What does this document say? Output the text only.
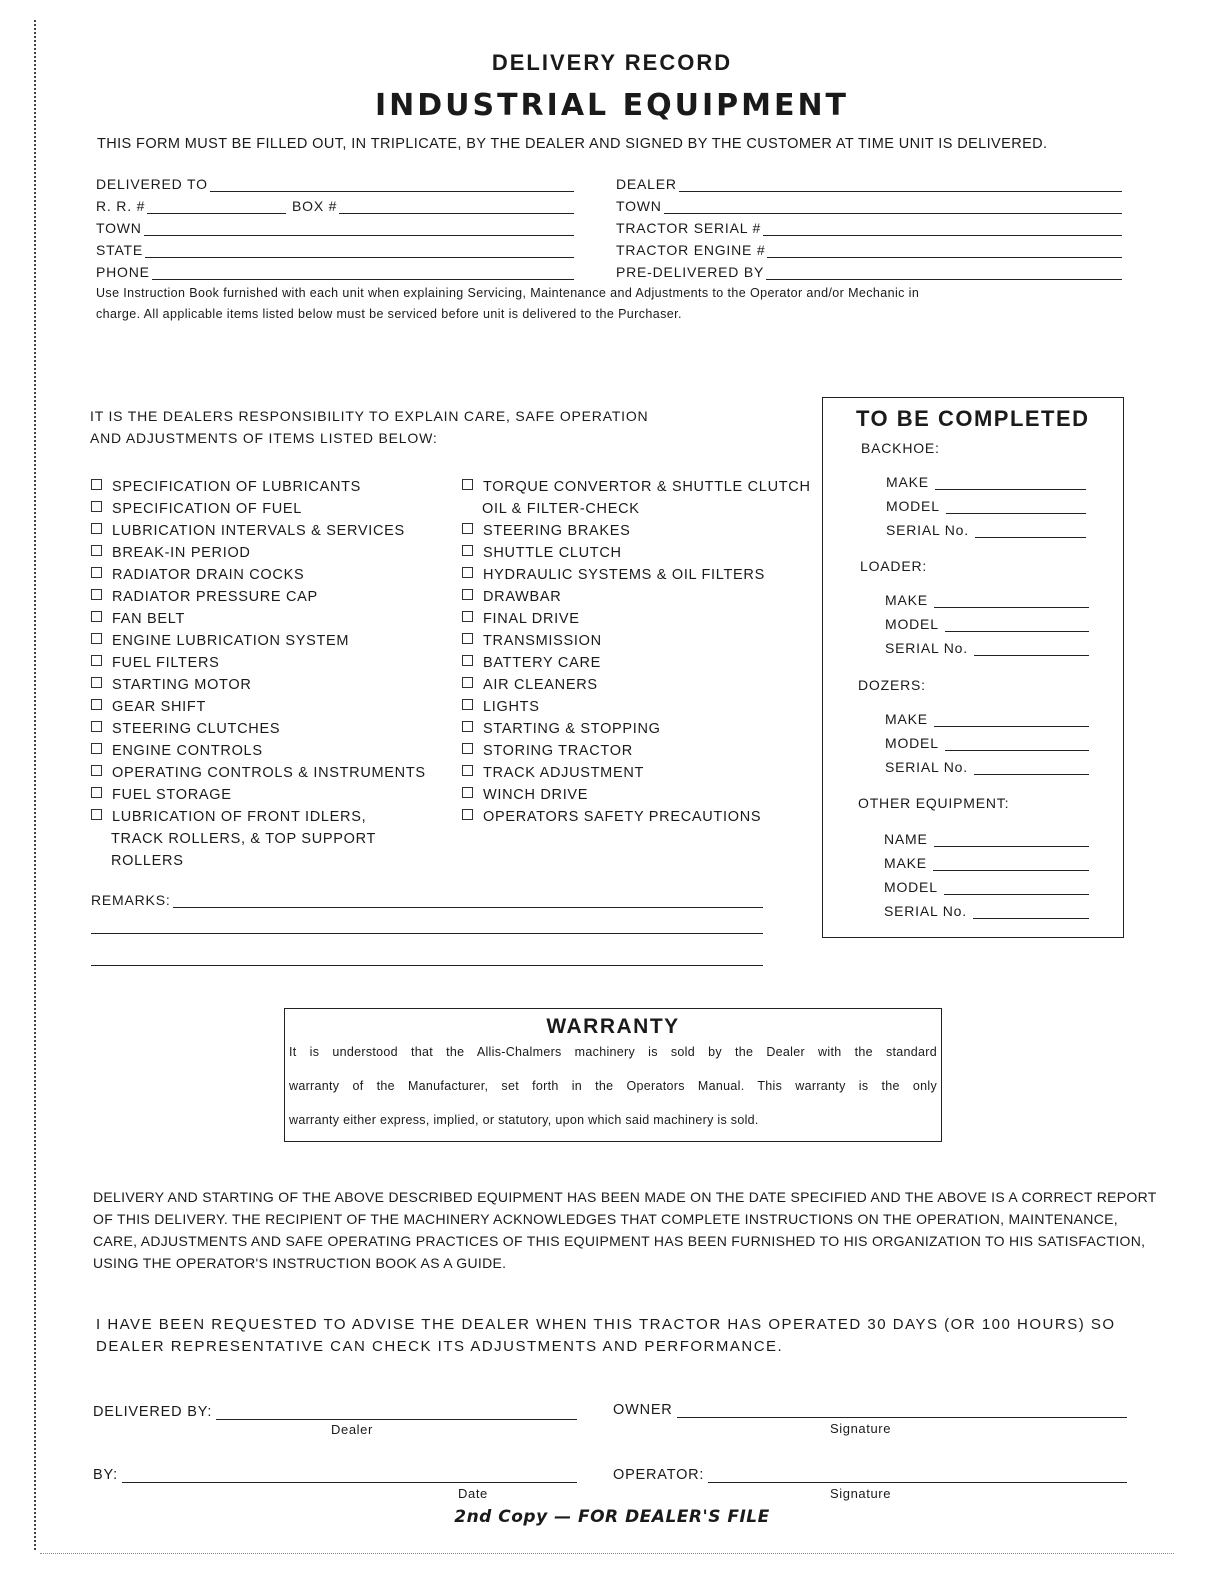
DELIVERY RECORD
INDUSTRIAL EQUIPMENT
THIS FORM MUST BE FILLED OUT, IN TRIPLICATE, BY THE DEALER AND SIGNED BY THE CUSTOMER AT TIME UNIT IS DELIVERED.
DELIVERED TO
R. R. #	BOX #
TOWN
STATE
PHONE
DEALER
TOWN
TRACTOR SERIAL #
TRACTOR ENGINE #
PRE-DELIVERED BY
Use Instruction Book furnished with each unit when explaining Servicing, Maintenance and Adjustments to the Operator and/or Mechanic in
charge. All applicable items listed below must be serviced before unit is delivered to the Purchaser.
IT IS THE DEALERS RESPONSIBILITY TO EXPLAIN CARE, SAFE OPERATION
AND ADJUSTMENTS OF ITEMS LISTED BELOW:
SPECIFICATION OF LUBRICANTS
SPECIFICATION OF FUEL
LUBRICATION INTERVALS & SERVICES
BREAK-IN PERIOD
RADIATOR DRAIN COCKS
RADIATOR PRESSURE CAP
FAN BELT
ENGINE LUBRICATION SYSTEM
FUEL FILTERS
STARTING MOTOR
GEAR SHIFT
STEERING CLUTCHES
ENGINE CONTROLS
OPERATING CONTROLS & INSTRUMENTS
FUEL STORAGE
LUBRICATION OF FRONT IDLERS,
TRACK ROLLERS, & TOP SUPPORT
ROLLERS
TORQUE CONVERTOR & SHUTTLE CLUTCH
OIL & FILTER-CHECK
STEERING BRAKES
SHUTTLE CLUTCH
HYDRAULIC SYSTEMS & OIL FILTERS
DRAWBAR
FINAL DRIVE
TRANSMISSION
BATTERY CARE
AIR CLEANERS
LIGHTS
STARTING & STOPPING
STORING TRACTOR
TRACK ADJUSTMENT
WINCH DRIVE
OPERATORS SAFETY PRECAUTIONS
TO BE COMPLETED
BACKHOE:
MAKE
MODEL
SERIAL No.
LOADER:
MAKE
MODEL
SERIAL No.
DOZERS:
MAKE
MODEL
SERIAL No.
OTHER EQUIPMENT:
NAME
MAKE
MODEL
SERIAL No.
REMARKS:
WARRANTY
It is understood that the Allis-Chalmers machinery is sold by the Dealer with the standard
warranty of the Manufacturer, set forth in the Operators Manual. This warranty is the only
warranty either express, implied, or statutory, upon which said machinery is sold.
DELIVERY AND STARTING OF THE ABOVE DESCRIBED EQUIPMENT HAS BEEN MADE ON THE DATE SPECIFIED AND THE ABOVE IS A CORRECT REPORT OF THIS DELIVERY. THE RECIPIENT OF THE MACHINERY ACKNOWLEDGES THAT COMPLETE INSTRUCTIONS ON THE OPERATION, MAINTENANCE, CARE, ADJUSTMENTS AND SAFE OPERATING PRACTICES OF THIS EQUIPMENT HAS BEEN FURNISHED TO HIS ORGANIZATION TO HIS SATISFACTION, USING THE OPERATOR'S INSTRUCTION BOOK AS A GUIDE.
I HAVE BEEN REQUESTED TO ADVISE THE DEALER WHEN THIS TRACTOR HAS OPERATED 30 DAYS (OR 100 HOURS) SO DEALER REPRESENTATIVE CAN CHECK ITS ADJUSTMENTS AND PERFORMANCE.
DELIVERED BY:
Dealer
OWNER
Signature
BY:
Date
OPERATOR:
Signature
2nd Copy — FOR DEALER'S FILE
